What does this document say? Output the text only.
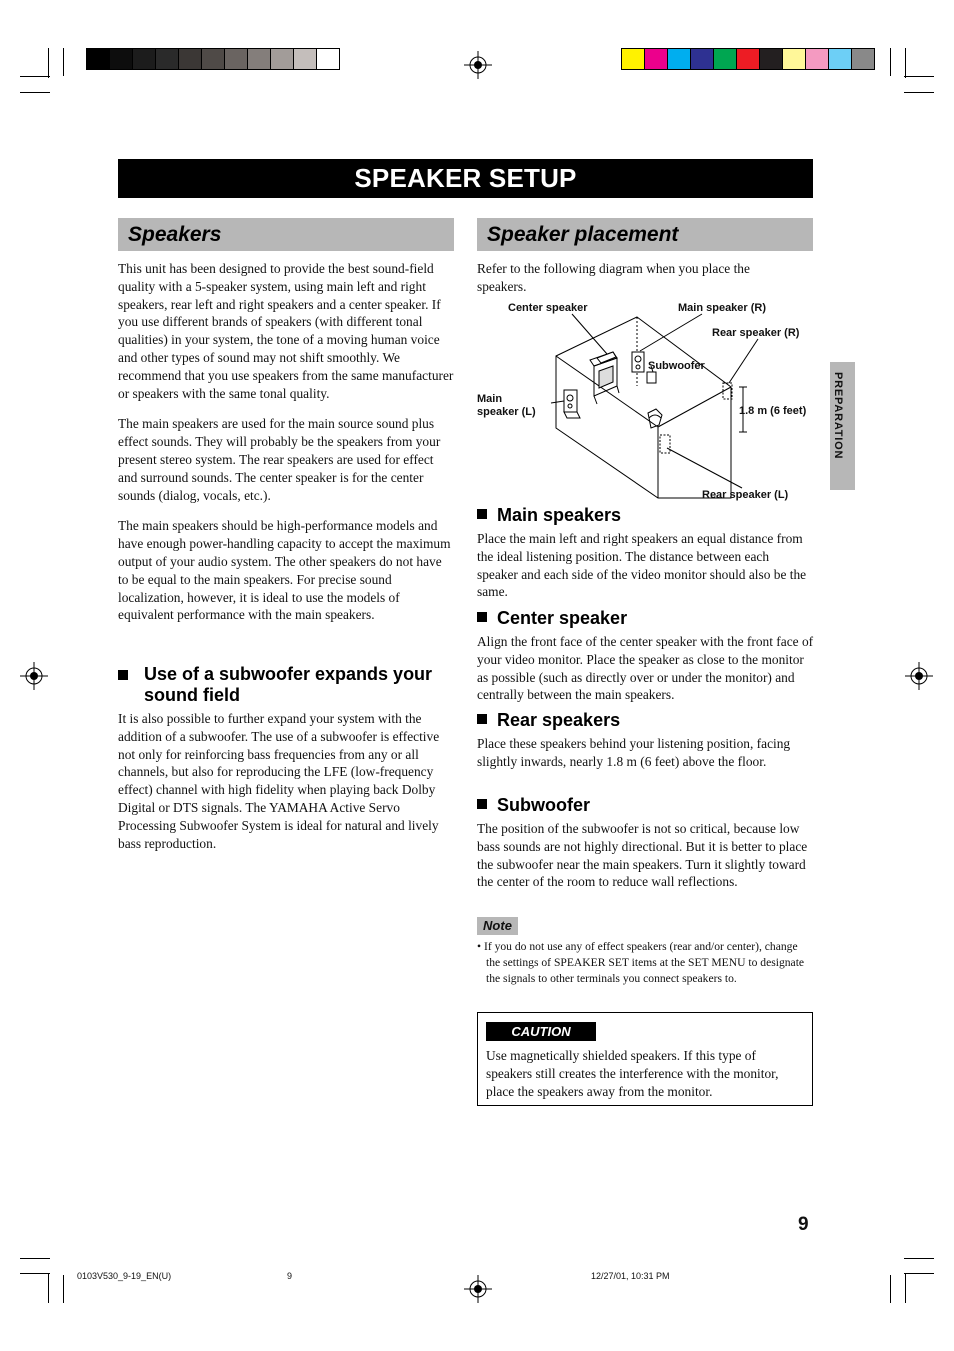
SPEAKER SETUP
Speakers

This unit has been designed to provide the best sound-field quality with a 5-speaker system, using main left and right speakers, rear left and right speakers and a center speaker. If you use different brands of speakers (with different tonal qualities) in your system, the tone of a moving human voice and other types of sound may not shift smoothly. We recommend that you use speakers from the same manufacturer or speakers with the same tonal quality.

The main speakers are used for the main source sound plus effect sounds. They will probably be the speakers from your present stereo system. The rear speakers are used for effect and surround sounds. The center speaker is for the center sounds (dialog, vocals, etc.).

The main speakers should be high-performance models and have enough power-handling capacity to accept the maximum output of your audio system. The other speakers do not have to be equal to the main speakers. For precise sound localization, however, it is ideal to use the models of equivalent performance with the main speakers.

Use of a subwoofer expands your sound field
It is also possible to further expand your system with the addition of a subwoofer. The use of a subwoofer is effective not only for reinforcing bass frequencies from any or all channels, but also for reproducing the LFE (low-frequency effect) channel with high fidelity when playing back Dolby Digital or DTS signals. The YAMAHA Active Servo Processing Subwoofer System is ideal for natural and lively bass reproduction.
Speaker placement
Refer to the following diagram when you place the speakers.
Center speaker	Main speaker (R)
Rear speaker (R)
Subwoofer
Main
speaker (L)	1.8 m (6 feet)
Rear speaker (L)
Main speakers
Place the main left and right speakers an equal distance from the ideal listening position. The distance between each speaker and each side of the video monitor should also be the same.
Center speaker
Align the front face of the center speaker with the front face of your video monitor. Place the speaker as close to the monitor as possible (such as directly over or under the monitor) and centrally between the main speakers.
Rear speakers
Place these speakers behind your listening position, facing slightly inwards, nearly 1.8 m (6 feet) above the floor.
Subwoofer
The position of the subwoofer is not so critical, because low bass sounds are not highly directional. But it is better to place the subwoofer near the main speakers. Turn it slightly toward the center of the room to reduce wall reflections.
Note
• If you do not use any of effect speakers (rear and/or center), change the settings of SPEAKER SET items at the SET MENU to designate the signals to other terminals you connect speakers to.
CAUTION
Use magnetically shielded speakers. If this type of speakers still creates the interference with the monitor, place the speakers away from the monitor.
PREPARATION
9
0103V530_9-19_EN(U)	9	12/27/01, 10:31 PM
